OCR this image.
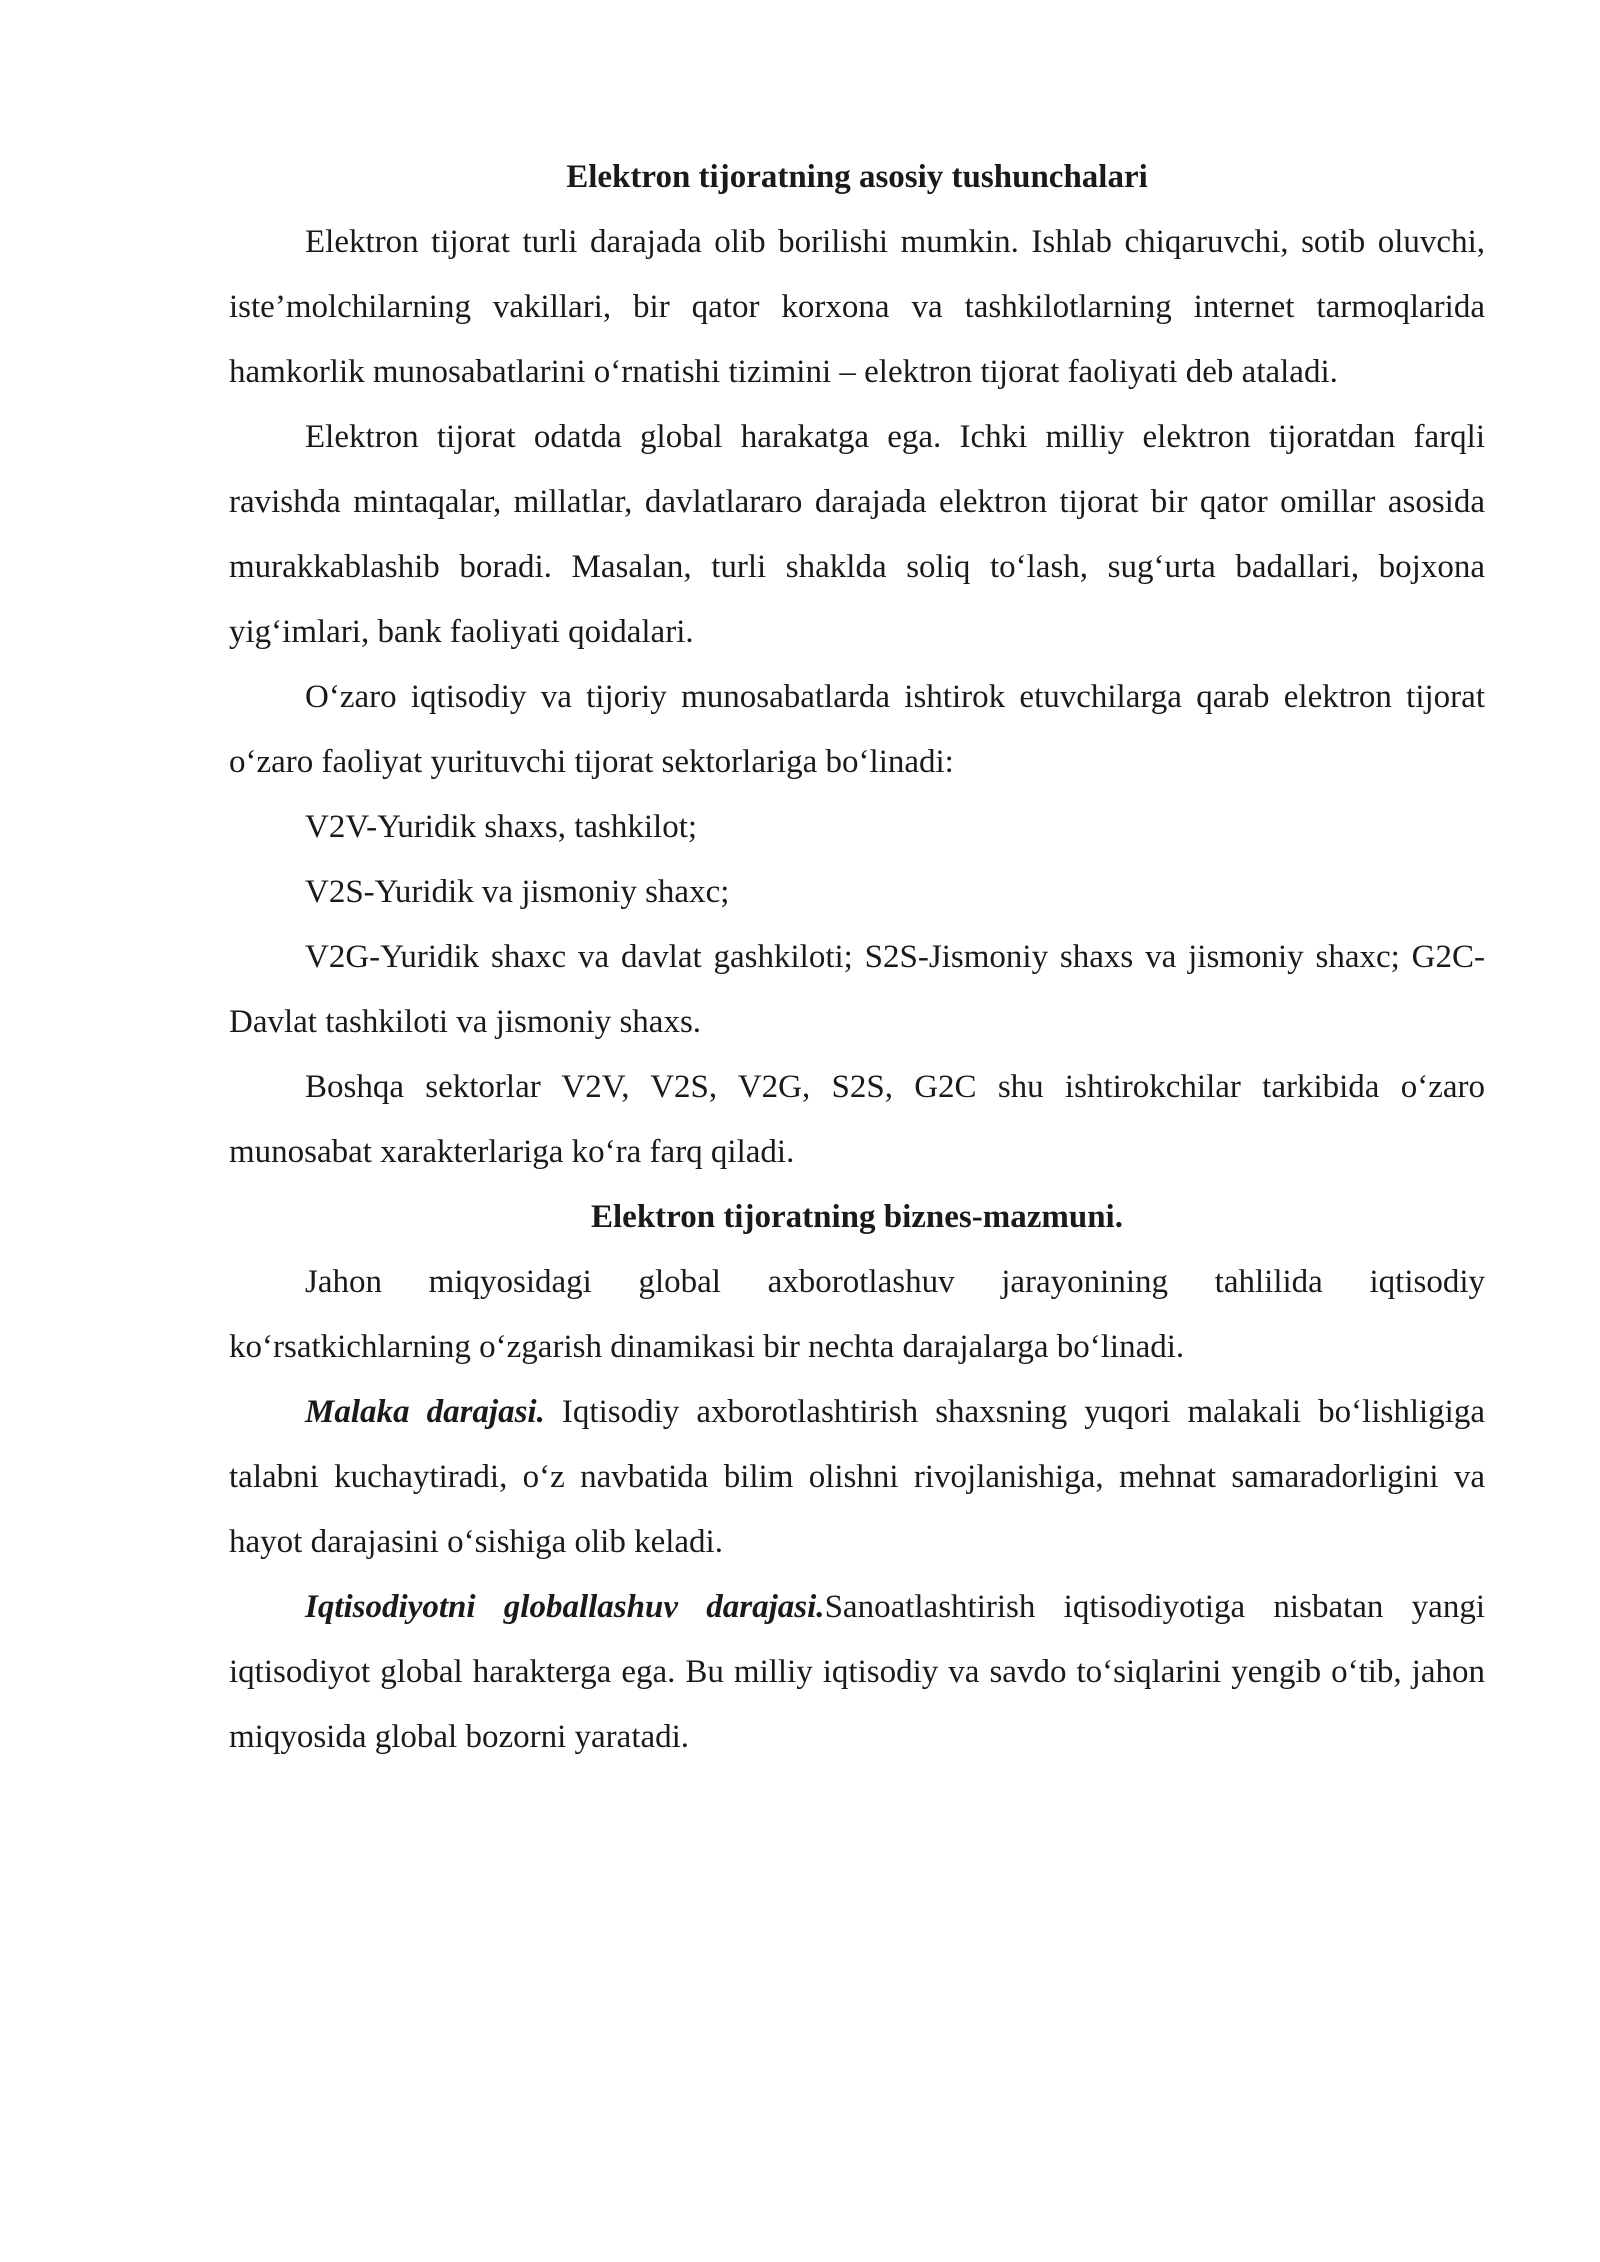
Elektron tijoratning asosiy tushunchalari

Elektron tijorat turli darajada olib borilishi mumkin. Ishlab chiqaruvchi, sotib oluvchi, iste’molchilarning vakillari, bir qator korxona va tashkilotlarning internet tarmoqlarida hamkorlik munosabatlarini oʻrnatishi tizimini – elektron tijorat faoliyati deb ataladi.

Elektron tijorat odatda global harakatga ega. Ichki milliy elektron tijoratdan farqli ravishda mintaqalar, millatlar, davlatlararo darajada elektron tijorat bir qator omillar asosida murakkablashib boradi. Masalan, turli shaklda soliq toʻlash, sugʻurta badallari, bojxona yigʻimlari, bank faoliyati qoidalari.

Oʻzaro iqtisodiy va tijoriy munosabatlarda ishtirok etuvchilarga qarab elektron tijorat oʻzaro faoliyat yurituvchi tijorat sektorlariga boʻlinadi:

V2V-Yuridik shaxs, tashkilot;

V2S-Yuridik va jismoniy shaxc;

V2G-Yuridik shaxc va davlat gashkiloti; S2S-Jismoniy shaxs va jismoniy shaxc; G2C-Davlat tashkiloti va jismoniy shaxs.

Boshqa sektorlar V2V, V2S, V2G, S2S, G2C shu ishtirokchilar tarkibida oʻzaro munosabat xarakterlariga koʻra farq qiladi.

Elektron tijoratning biznes-mazmuni.

Jahon miqyosidagi global axborotlashuv jarayonining tahlilida iqtisodiy koʻrsatkichlarning oʻzgarish dinamikasi bir nechta darajalarga boʻlinadi.

Malaka darajasi. Iqtisodiy axborotlashtirish shaxsning yuqori malakali boʻlishligiga talabni kuchaytiradi, oʻz navbatida bilim olishni rivojlanishiga, mehnat samaradorligini va hayot darajasini oʻsishiga olib keladi.

Iqtisodiyotni globallashuv darajasi.Sanoatlashtirish iqtisodiyotiga nisbatan yangi iqtisodiyot global harakterga ega. Bu milliy iqtisodiy va savdo toʻsiqlarini yengib oʻtib, jahon miqyosida global bozorni yaratadi.
